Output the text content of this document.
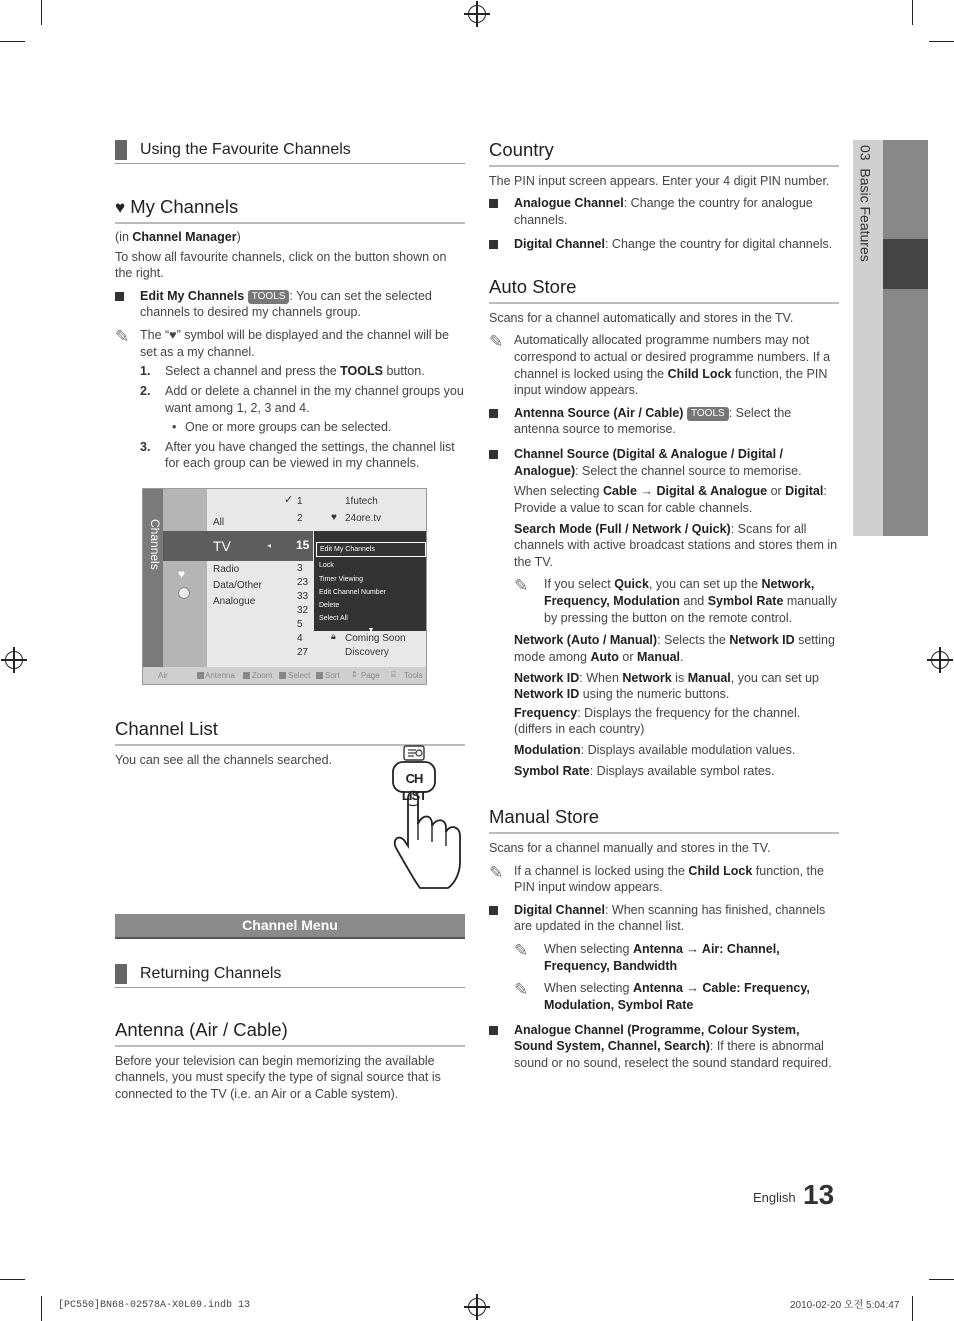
03  Basic Features
Using the Favourite Channels
♥ My Channels

(in Channel Manager)

To show all favourite channels, click on the button shown on the right.

Edit My Channels TOOLS : You can set the selected channels to desired my channels group.
✎ The “♥” symbol will be displayed and the channel will be set as a my channel.
1. Select a channel and press the TOOLS button.
2. Add or delete a channel in the my channel groups you want among 1, 2, 3 and 4.
• One or more groups can be selected.
3. After you have changed the settings, the channel list for each group can be viewed in my channels.
Channels
♥
All
TV	◂
Radio
Data/Other
Analogue
✓ 1	1futech
2	♥ 24ore.tv
15
3
23
33
32
5
4	🔒︎ Coming Soon
27	Discovery
Edit My Channels
Lock
Timer Viewing
Edit Channel Number
Delete
Select All
▼
Air	Antenna Zoom Select Sort ⇕ Page ⌸ Tools
Channel List

You can see all the channels searched.

CH LIST
Channel Menu
Returning Channels
Antenna (Air / Cable)

Before your television can begin memorizing the available channels, you must specify the type of signal source that is connected to the TV (i.e. an Air or a Cable system).

Country

The PIN input screen appears. Enter your 4 digit PIN number.

Analogue Channel: Change the country for analogue channels.
Digital Channel: Change the country for digital channels.
Auto Store

Scans for a channel automatically and stores in the TV.

✎ Automatically allocated programme numbers may not correspond to actual or desired programme numbers. If a channel is locked using the Child Lock function, the PIN input window appears.
Antenna Source (Air / Cable) TOOLS : Select the antenna source to memorise.
Channel Source (Digital & Analogue / Digital / Analogue): Select the channel source to memorise.

When selecting Cable → Digital & Analogue or Digital: Provide a value to scan for cable channels.

Search Mode (Full / Network / Quick): Scans for all channels with active broadcast stations and stores them in the TV.

✎ If you select Quick, you can set up the Network, Frequency, Modulation and Symbol Rate manually by pressing the button on the remote control.

Network (Auto / Manual): Selects the Network ID setting mode among Auto or Manual.

Network ID: When Network is Manual, you can set up Network ID using the numeric buttons.

Frequency: Displays the frequency for the channel. (differs in each country)

Modulation: Displays available modulation values.

Symbol Rate: Displays available symbol rates.

Manual Store

Scans for a channel manually and stores in the TV.

✎ If a channel is locked using the Child Lock function, the PIN input window appears.
Digital Channel: When scanning has finished, channels are updated in the channel list.
✎ When selecting Antenna → Air: Channel, Frequency, Bandwidth
✎ When selecting Antenna → Cable: Frequency, Modulation, Symbol Rate
Analogue Channel (Programme, Colour System, Sound System, Channel, Search): If there is abnormal sound or no sound, reselect the sound standard required.
English 13
[PC550]BN68-02578A-X0L09.indb 13	2010-02-20 오전 5:04:47
